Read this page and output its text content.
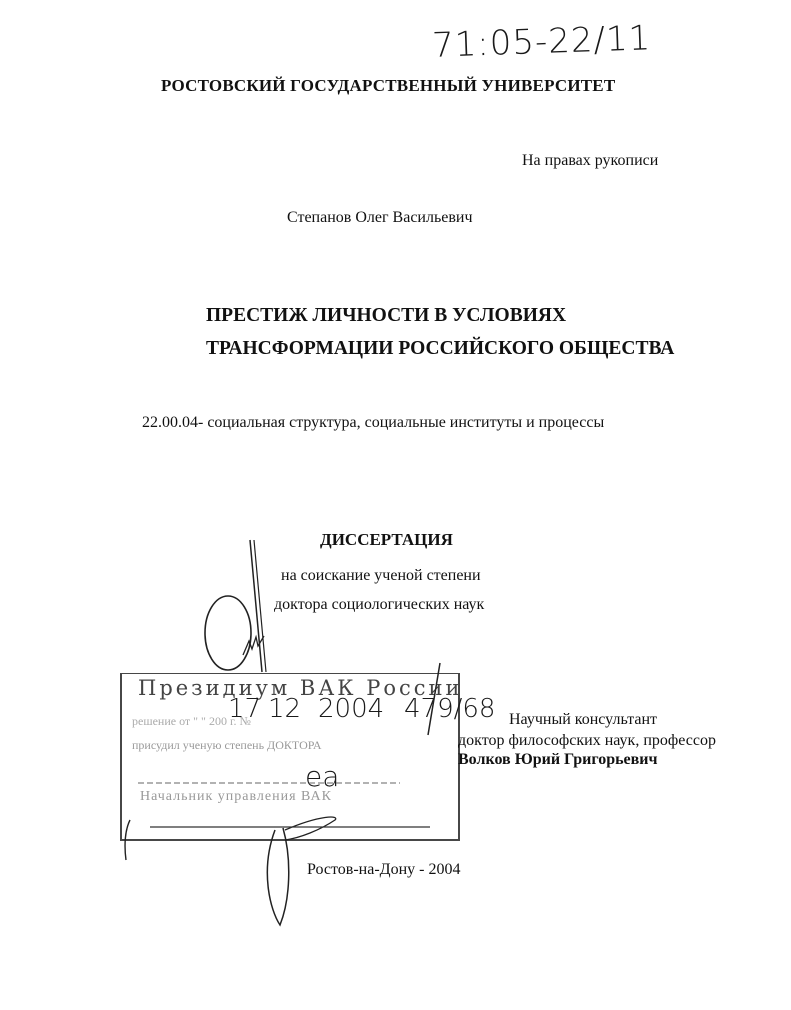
71:05-22/11
РОСТОВСКИЙ ГОСУДАРСТВЕННЫЙ УНИВЕРСИТЕТ
На правах рукописи
Степанов Олег Васильевич
ПРЕСТИЖ ЛИЧНОСТИ В УСЛОВИЯХ
ТРАНСФОРМАЦИИ РОССИЙСКОГО ОБЩЕСТВА
22.00.04- социальная структура, социальные институты и процессы
ДИССЕРТАЦИЯ
на соискание ученой степени
доктора социологических наук
Президиум ВАК России
решение от " " 200 г. №
присудил ученую степень ДОКТОРА
Начальник управления ВАК
17 12 2004 479/68
еа
Научный консультант
доктор философских наук, профессор
Волков Юрий Григорьевич
Ростов-на-Дону - 2004
